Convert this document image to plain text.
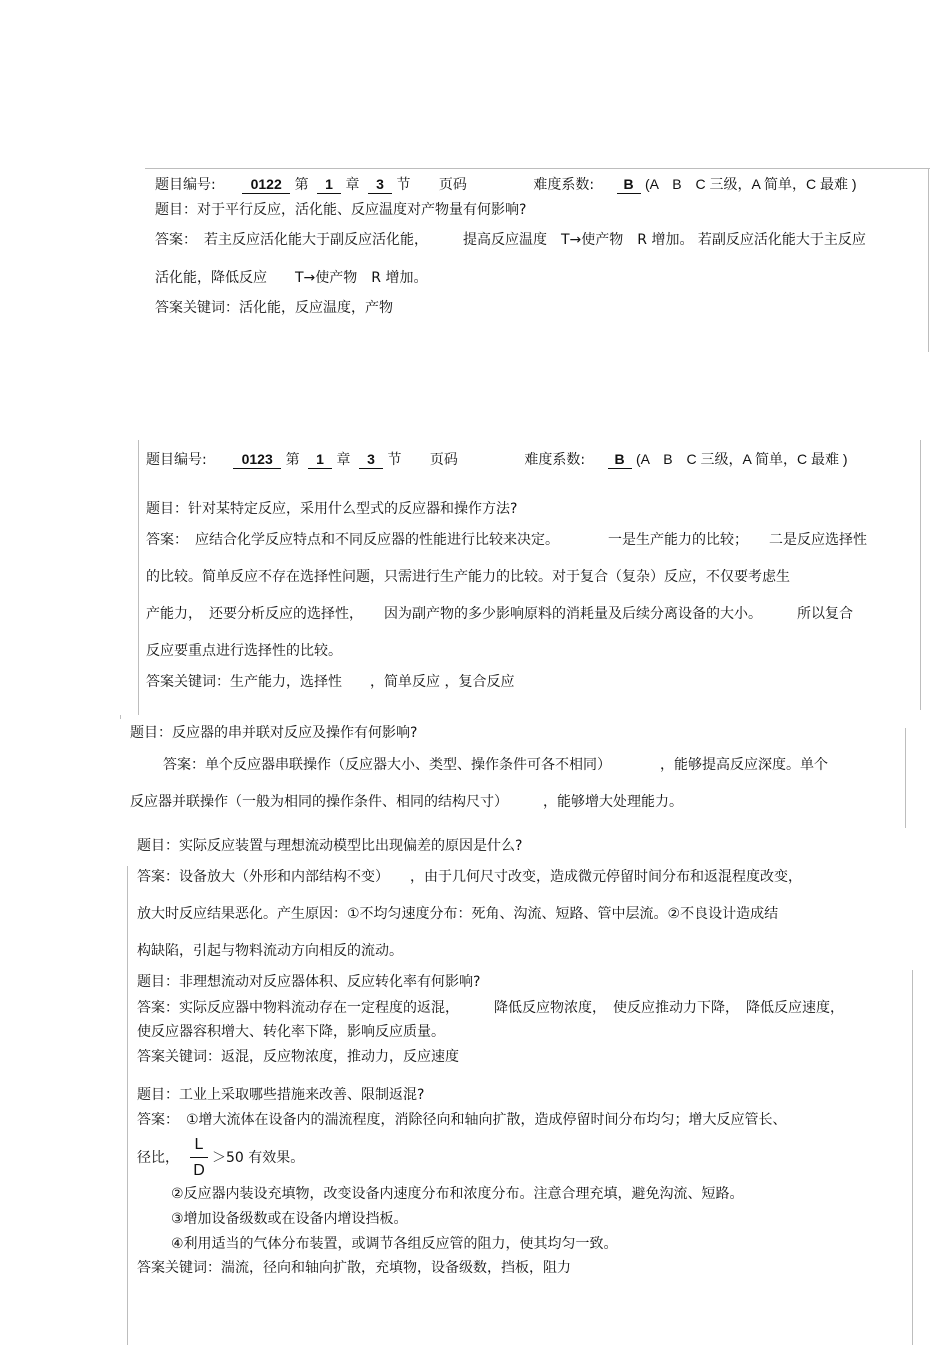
题目编号: 0122 第 1 章 3 节 页码	难度系数: B (A　B　C 三级，A 简单，C 最难 )
题目：对于平行反应，活化能、反应温度对产物量有何影响?
答案：　若主反应活化能大于副反应活化能，　　　提高反应温度　T→使产物　R 增加。 若副反应活化能大于主反应
活化能，降低反应　　T→使产物　R 增加。
答案关键词：活化能，反应温度，产物
题目编号: 0123 第 1 章 3 节 页码	难度系数: B (A　B　C 三级，A 简单，C 最难 )
题目：针对某特定反应，采用什么型式的反应器和操作方法?
答案：　应结合化学反应特点和不同反应器的性能进行比较来决定。　　　　一是生产能力的比较；　　二是反应选择性
的比较。简单反应不存在选择性问题，只需进行生产能力的比较。对于复合（复杂）反应，不仅要考虑生
产能力，　还要分析反应的选择性，　　因为副产物的多少影响原料的消耗量及后续分离设备的大小。　　　所以复合
反应要重点进行选择性的比较。
答案关键词：生产能力，选择性　　，简单反应 ，复合反应
题目：反应器的串并联对反应及操作有何影响?
答案：单个反应器串联操作（反应器大小、类型、操作条件可各不相同）　　　　，能够提高反应深度。单个
反应器并联操作（一般为相同的操作条件、相同的结构尺寸）　　　，能够增大处理能力。
题目：实际反应装置与理想流动模型比出现偏差的原因是什么?
答案：设备放大（外形和内部结构不变）　　，由于几何尺寸改变，造成微元停留时间分布和返混程度改变，
放大时反应结果恶化。产生原因：①不均匀速度分布：死角、沟流、短路、管中层流。②不良设计造成结
构缺陷，引起与物料流动方向相反的流动。
题目：非理想流动对反应器体积、反应转化率有何影响?
答案：实际反应器中物料流动存在一定程度的返混，　　　降低反应物浓度，　使反应推动力下降，　降低反应速度，
使反应器容积增大、转化率下降，影响反应质量。
答案关键词：返混，反应物浓度，推动力，反应速度
题目：工业上采取哪些措施来改善、限制返混?
答案：　①增大流体在设备内的湍流程度，消除径向和轴向扩散，造成停留时间分布均匀；增大反应管长、
径比，
L
D
＞50 有效果。
②反应器内装设充填物，改变设备内速度分布和浓度分布。注意合理充填，避免沟流、短路。
③增加设备级数或在设备内增设挡板。
④利用适当的气体分布装置，或调节各组反应管的阻力，使其均匀一致。
答案关键词：湍流，径向和轴向扩散，充填物，设备级数，挡板，阻力
